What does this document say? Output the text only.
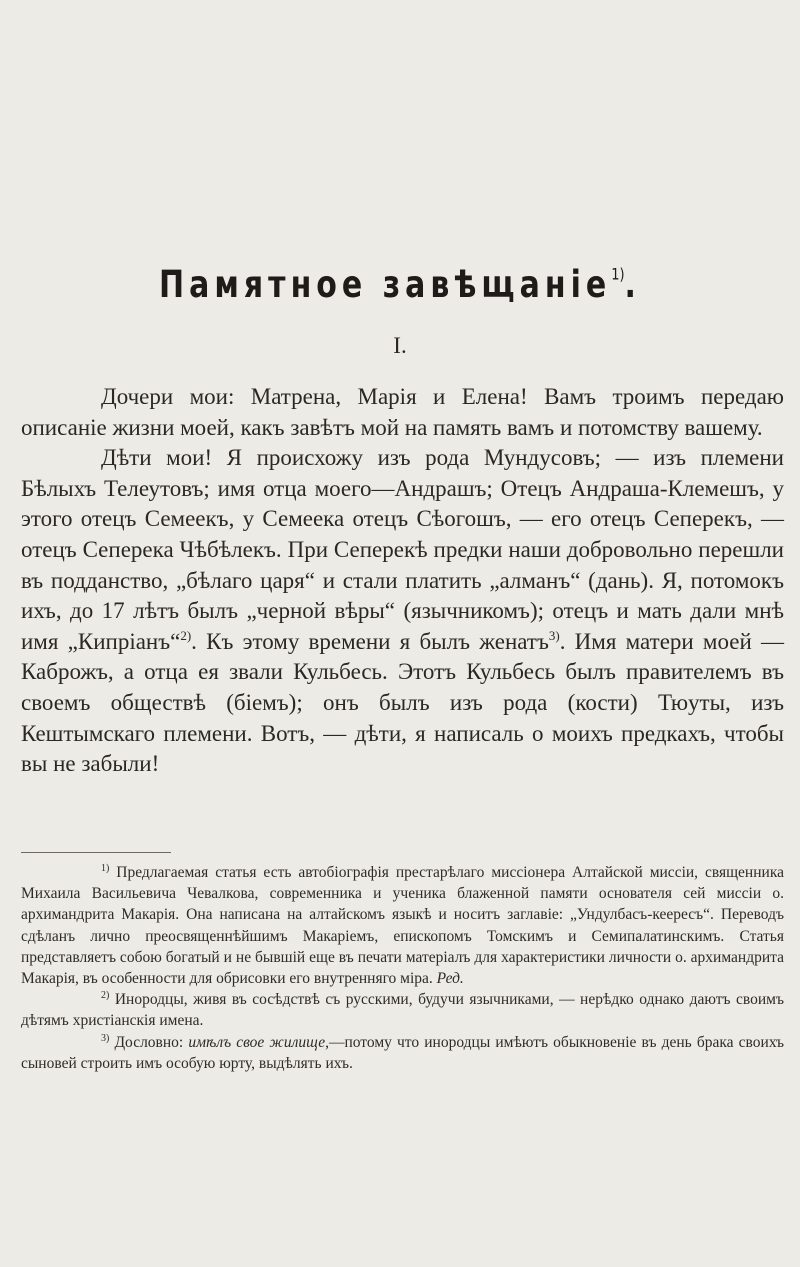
Памятное завѣщаніе$^{1)}$.
I.

Дочери мои: Матрена, Марія и Елена! Вамъ троимъ передаю описаніе жизни моей, какъ завѣтъ мой на память вамъ и потомству вашему.

Дѣти мои! Я происхожу изъ рода Мундусовъ; — изъ племени Бѣлыхъ Телеутовъ; имя отца моего—Андрашъ; Отецъ Андраша-Клемешъ, у этого отецъ Семеекъ, у Семеека отецъ Сѣогошъ, — его отецъ Сеперекъ, — отецъ Сеперека Чѣбѣлекъ. При Сеперекѣ предки наши добровольно перешли въ подданство, „бѣлаго царя“ и стали платить „алманъ“ (дань). Я, потомокъ ихъ, до 17 лѣтъ былъ „черной вѣры“ (язычникомъ); отецъ и мать дали мнѣ имя „Кипріанъ“$^{2)}$. Къ этому времени я былъ женатъ$^{3)}$. Имя матери моей — Каброжъ, а отца ея звали Кульбесь. Этотъ Кульбесь былъ правителемъ въ своемъ обществѣ (біемъ); онъ былъ изъ рода (кости) Тюуты, изъ Кештымскаго племени. Вотъ, — дѣти, я написаль о моихъ предкахъ, чтобы вы не забыли!

$^{1)}$ Предлагаемая статья есть автобіографія престарѣлаго миссіонера Алтайской миссіи, священника Михаила Васильевича Чевалкова, современника и ученика блаженной памяти основателя сей миссіи о. архимандрита Макарія. Она написана на алтайскомъ языкѣ и носитъ заглавіе: „Ундулбасъ-кеересъ“. Переводъ сдѣланъ лично преосвященнѣйшимъ Макаріемъ, епископомъ Томскимъ и Семипалатинскимъ. Статья представляетъ собою богатый и не бывшій еще въ печати матеріалъ для характеристики личности о. архимандрита Макарія, въ особенности для обрисовки его внутренняго міра. Ред.

$^{2)}$ Инородцы, живя въ сосѣдствѣ съ русскими, будучи язычниками, — нерѣдко однако даютъ своимъ дѣтямъ христіанскія имена.

$^{3)}$ Дословно: имѣлъ свое жилище,—потому что инородцы имѣютъ обыкновеніе въ день брака своихъ сыновей строить имъ особую юрту, выдѣлять ихъ.
